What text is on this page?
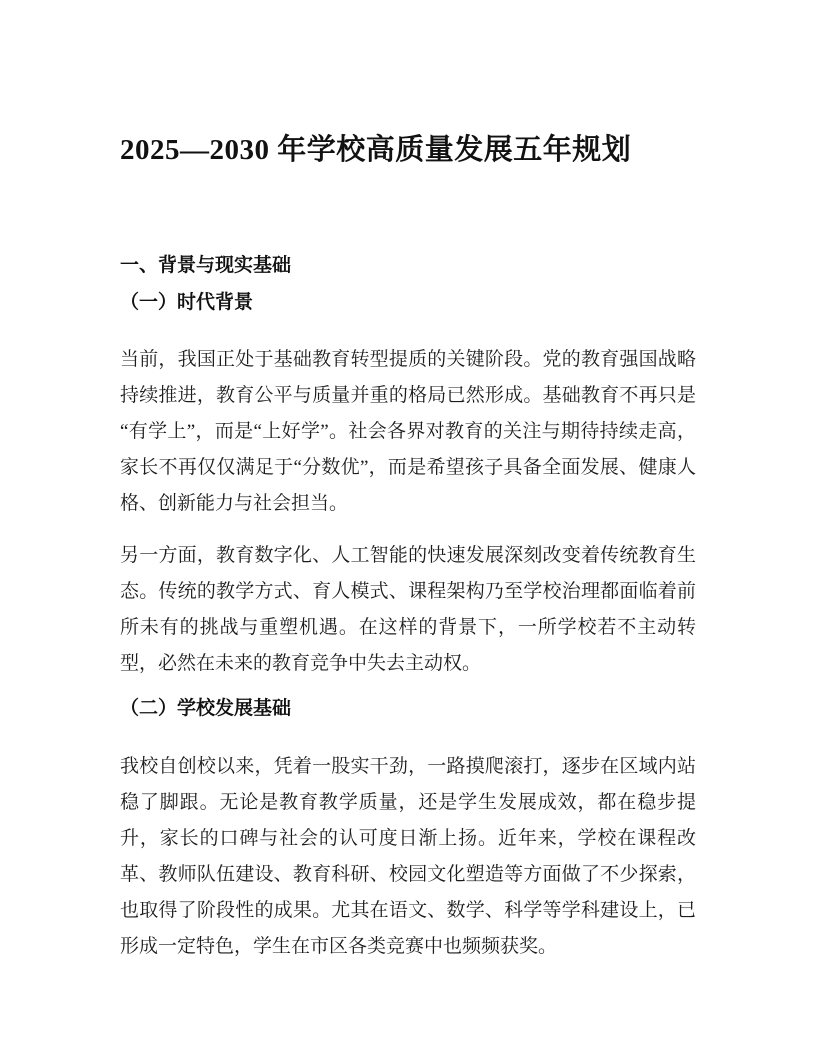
2025—2030 年学校高质量发展五年规划
一、背景与现实基础
（一）时代背景

当前，我国正处于基础教育转型提质的关键阶段。党的教育强国战略持续推进，教育公平与质量并重的格局已然形成。基础教育不再只是“有学上”，而是“上好学”。社会各界对教育的关注与期待持续走高，家长不再仅仅满足于“分数优”，而是希望孩子具备全面发展、健康人格、创新能力与社会担当。

另一方面，教育数字化、人工智能的快速发展深刻改变着传统教育生态。传统的教学方式、育人模式、课程架构乃至学校治理都面临着前所未有的挑战与重塑机遇。在这样的背景下，一所学校若不主动转型，必然在未来的教育竞争中失去主动权。

（二）学校发展基础

我校自创校以来，凭着一股实干劲，一路摸爬滚打，逐步在区域内站稳了脚跟。无论是教育教学质量，还是学生发展成效，都在稳步提升，家长的口碑与社会的认可度日渐上扬。近年来，学校在课程改革、教师队伍建设、教育科研、校园文化塑造等方面做了不少探索，也取得了阶段性的成果。尤其在语文、数学、科学等学科建设上，已形成一定特色，学生在市区各类竞赛中也频频获奖。
